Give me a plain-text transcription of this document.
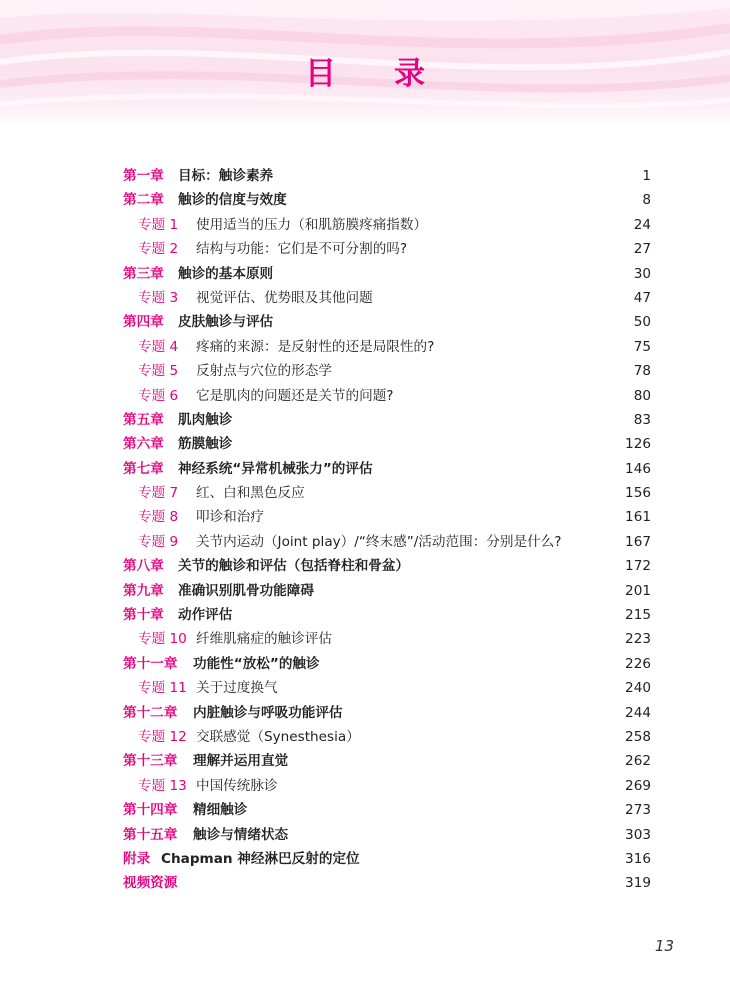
目 录
第一章 目标：触诊素养	1
第二章 触诊的信度与效度	8
专题 1 使用适当的压力（和肌筋膜疼痛指数）	24
专题 2 结构与功能：它们是不可分割的吗?	27
第三章 触诊的基本原则	30
专题 3 视觉评估、优势眼及其他问题	47
第四章 皮肤触诊与评估	50
专题 4 疼痛的来源：是反射性的还是局限性的?	75
专题 5 反射点与穴位的形态学	78
专题 6 它是肌肉的问题还是关节的问题?	80
第五章 肌肉触诊	83
第六章 筋膜触诊	126
第七章 神经系统“异常机械张力”的评估	146
专题 7 红、白和黑色反应	156
专题 8 叩诊和治疗	161
专题 9 关节内运动（Joint play）/“终末感”/活动范围：分别是什么?	167
第八章 关节的触诊和评估（包括脊柱和骨盆）	172
第九章 准确识别肌骨功能障碍	201
第十章 动作评估	215
专题 10 纤维肌痛症的触诊评估	223
第十一章 功能性“放松”的触诊	226
专题 11 关于过度换气	240
第十二章 内脏触诊与呼吸功能评估	244
专题 12 交联感觉（Synesthesia）	258
第十三章 理解并运用直觉	262
专题 13 中国传统脉诊	269
第十四章 精细触诊	273
第十五章 触诊与情绪状态	303
附录 Chapman 神经淋巴反射的定位	316
视频资源	319
13
